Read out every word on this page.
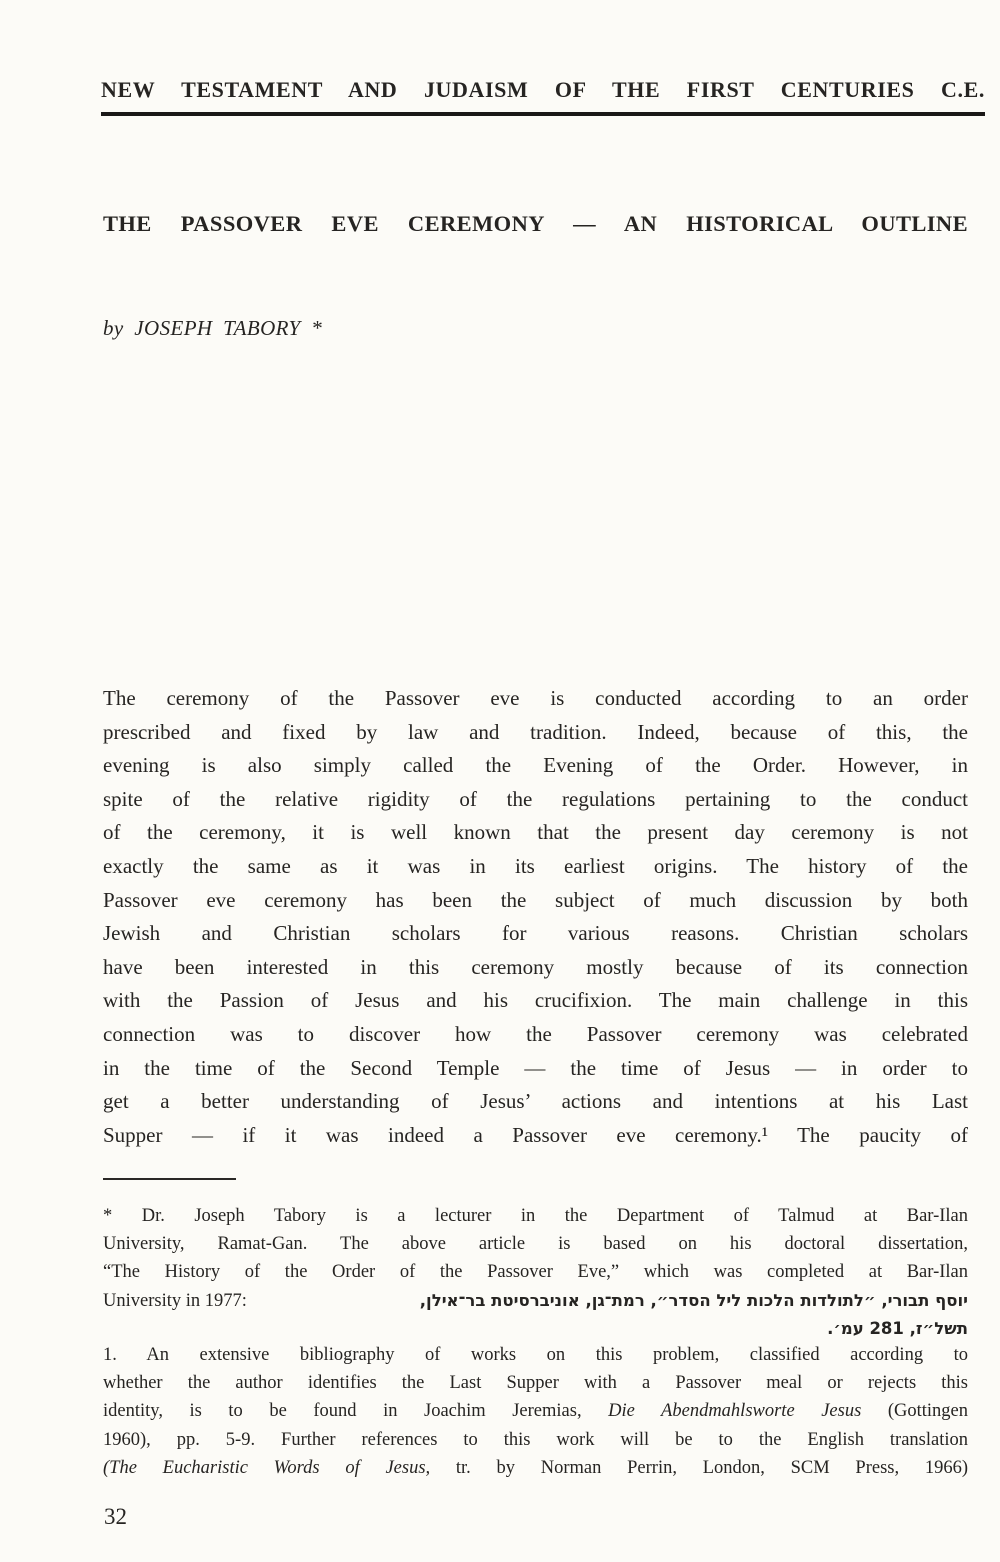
NEW TESTAMENT AND JUDAISM OF THE FIRST CENTURIES C.E.
THE PASSOVER EVE CEREMONY — AN HISTORICAL OUTLINE
by JOSEPH TABORY *
The ceremony of the Passover eve is conducted according to an order
prescribed and fixed by law and tradition. Indeed, because of this, the
evening is also simply called the Evening of the Order. However, in
spite of the relative rigidity of the regulations pertaining to the conduct
of the ceremony, it is well known that the present day ceremony is not
exactly the same as it was in its earliest origins. The history of the
Passover eve ceremony has been the subject of much discussion by both
Jewish and Christian scholars for various reasons. Christian scholars
have been interested in this ceremony mostly because of its connection
with the Passion of Jesus and his crucifixion. The main challenge in this
connection was to discover how the Passover ceremony was celebrated
in the time of the Second Temple — the time of Jesus — in order to
get a better understanding of Jesus’ actions and intentions at his Last
Supper — if it was indeed a Passover eve ceremony.¹ The paucity of
* Dr. Joseph Tabory is a lecturer in the Department of Talmud at Bar-Ilan
University, Ramat-Gan. The above article is based on his doctoral dissertation,
“The History of the Order of the Passover Eve,” which was completed at Bar-Ilan
University in 1977:	יוסף תבורי, ״לתולדות הלכות ליל הסדר״, רמת־גן, אוניברסיטת בר־אילן,
תשל״ז, 281 עמ׳.
1. An extensive bibliography of works on this problem, classified according to
whether the author identifies the Last Supper with a Passover meal or rejects this
identity, is to be found in Joachim Jeremias, Die Abendmahlsworte Jesus (Gottingen
1960), pp. 5-9. Further references to this work will be to the English translation
(The Eucharistic Words of Jesus, tr. by Norman Perrin, London, SCM Press, 1966)
32
